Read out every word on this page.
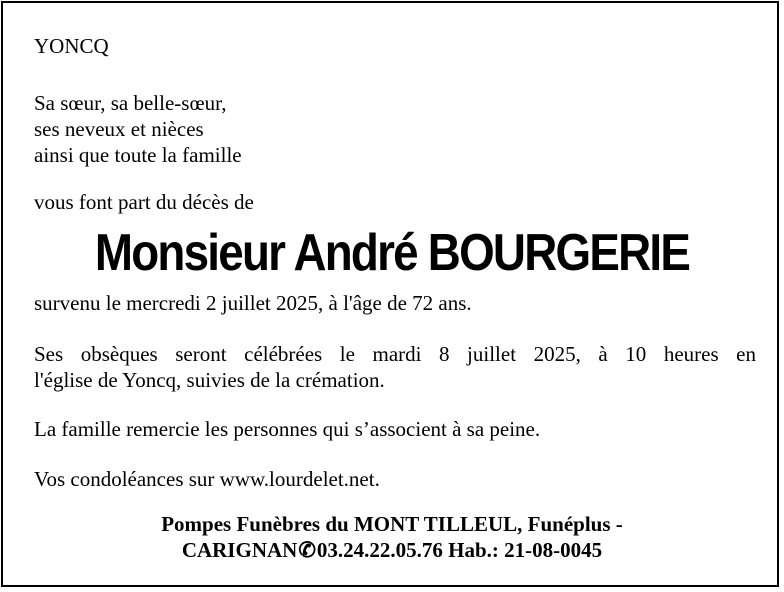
YONCQ
Sa sœur, sa belle-sœur,
ses neveux et nièces
ainsi que toute la famille
vous font part du décès de
Monsieur André BOURGERIE
survenu le mercredi 2 juillet 2025, à l'âge de 72 ans.
Ses obsèques seront célébrées le mardi 8 juillet 2025, à 10 heures en
l'église de Yoncq, suivies de la crémation.
La famille remercie les personnes qui s’associent à sa peine.
Vos condoléances sur www.lourdelet.net.
Pompes Funèbres du MONT TILLEUL, Funéplus -
CARIGNAN✆03.24.22.05.76 Hab.: 21-08-0045
